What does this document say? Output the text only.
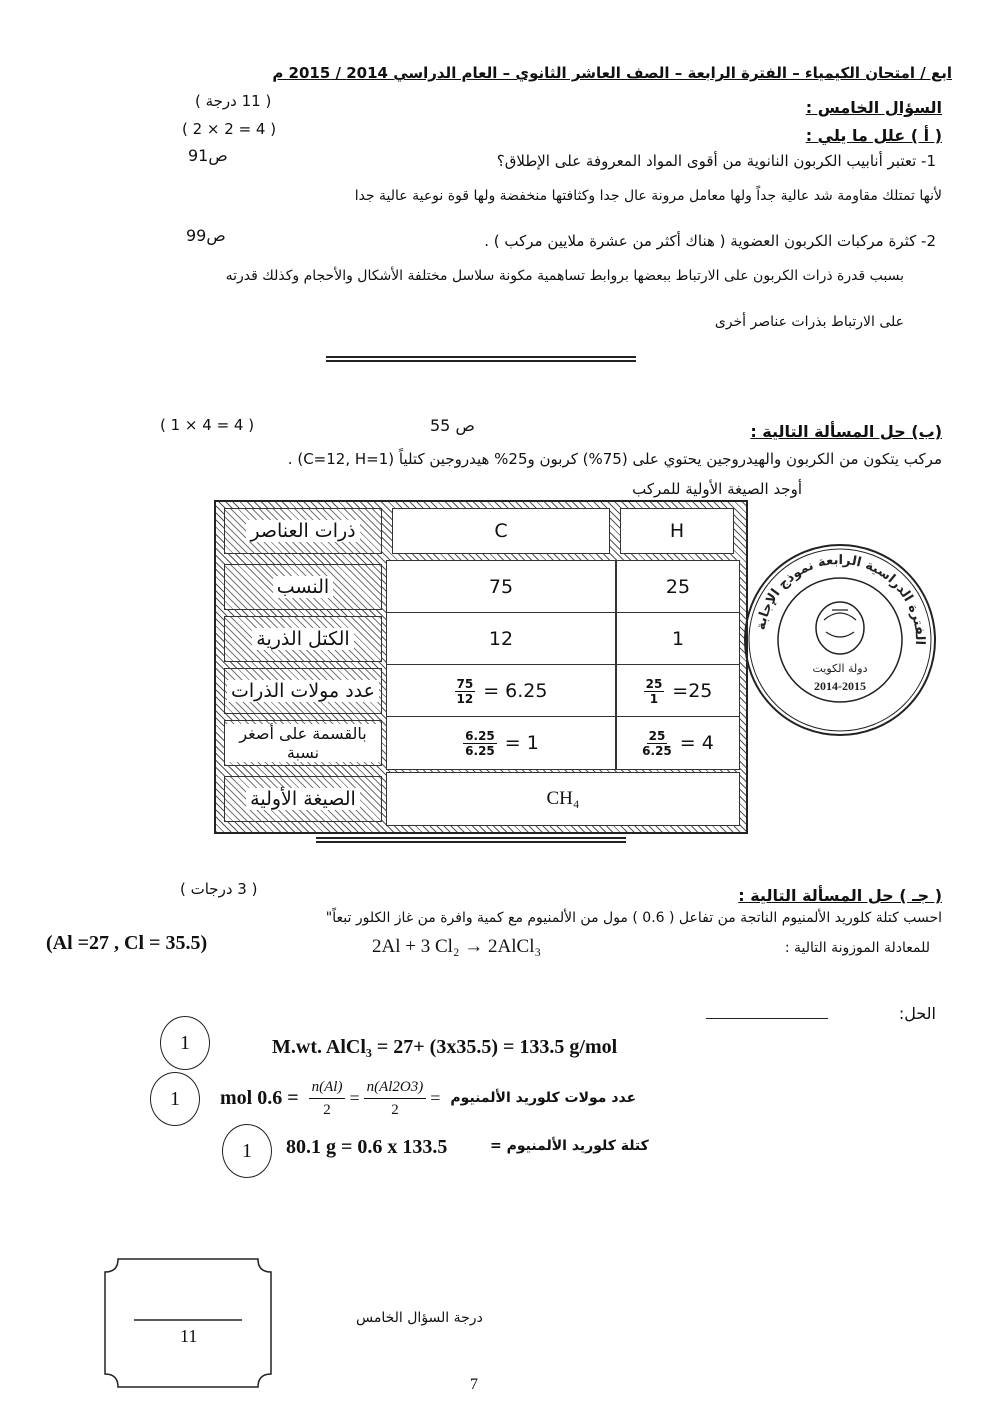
ابع / امتحان الكيمياء – الفترة الرابعة – الصف العاشر الثانوي – العام الدراسي 2014 / 2015 م
السؤال الخامس :
( 11 درجة )
( أ ) علل ما يلي :
( 2 × 2 = 4 )
1- تعتبر أنابيب الكربون النانوية من أقوى المواد المعروفة على الإطلاق؟
ص91
لأنها تمتلك مقاومة شد عالية جداً ولها معامل مرونة عال جدا وكثافتها منخفضة ولها قوة نوعية عالية جدا
2- كثرة مركبات الكربون العضوية ( هناك أكثر من عشرة ملايين مركب ) .
ص99
بسبب قدرة ذرات الكربون على الارتباط ببعضها بروابط تساهمية مكونة سلاسل مختلفة الأشكال والأحجام وكذلك قدرته
على الارتباط بذرات عناصر أخرى
(ب) حل المسألة التالية :
ص 55
( 1 × 4 = 4 )
مركب يتكون من الكربون والهيدروجين يحتوي على (75%) كربون و25% هيدروجين كتلياً (C=12, H=1) .
أوجد الصيغة الأولية للمركب
ذرات العناصر	C	H
النسب	75	25
الكتل الذرية	12	1
عدد مولات الذرات	$\frac{75}{12} = 6.25$	$\frac{25}{1} =25$
بالقسمة على أصغر نسبة	$\frac{6.25}{6.25} = 1$	$\frac{25}{6.25} = 4$
الصيغة الأولية	CH₄
الفترة الدراسية الرابعة نموذج الإجابة
دولة الكويت
2014-2015
( جـ ) حل المسألة التالية :
( 3 درجات )
احسب كتلة كلوريد الألمنيوم الناتجة من تفاعل ( 0.6 ) مول من الألمنيوم مع كمية وافرة من غاز الكلور تبعاً"
للمعادلة الموزونة التالية :
2Al + 3 Cl₂ → 2AlCl₃
(Al =27 , Cl = 35.5)
الحل:
1	M.wt. AlCl₃ = 27+ (3x35.5) = 133.5 g/mol
1	mol $0.6 = \frac{n(Al)}{2} = \frac{n(Al2O3)}{2}$ = عدد مولات كلوريد الألمنيوم
1	80.1 g = 0.6 x 133.5	كتلة كلوريد الألمنيوم =
11
درجة السؤال الخامس
7
